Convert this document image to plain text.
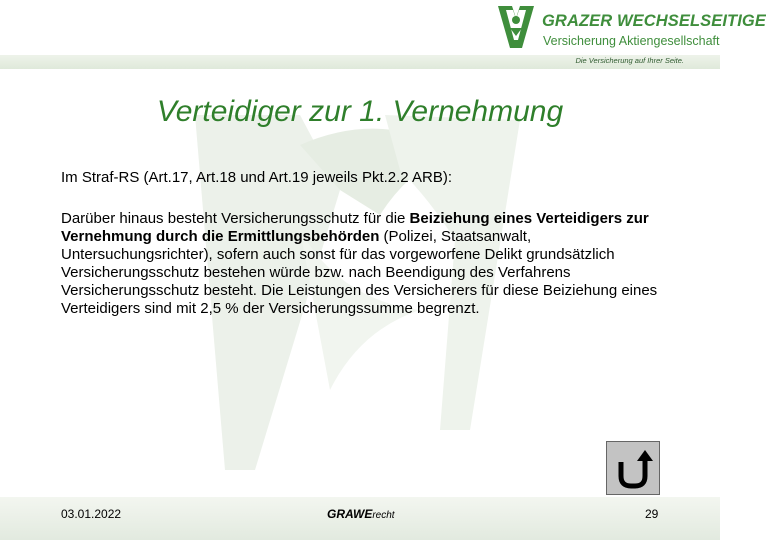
GRAZER WECHSELSEITIGE
Versicherung Aktiengesellschaft
Die Versicherung auf Ihrer Seite.
Verteidiger zur 1. Vernehmung
Im Straf-RS (Art.17, Art.18 und Art.19 jeweils Pkt.2.2 ARB):
Darüber hinaus besteht Versicherungsschutz für die Beiziehung eines Verteidigers zur Vernehmung durch die Ermittlungsbehörden (Polizei, Staatsanwalt, Untersuchungsrichter), sofern auch sonst für das vorgeworfene Delikt grundsätzlich Versicherungsschutz bestehen würde bzw. nach Beendigung des Verfahrens Versicherungsschutz besteht. Die Leistungen des Versicherers für diese Beiziehung eines Verteidigers sind mit 2,5 % der Versicherungssumme begrenzt.
03.01.2022	GRAWErecht	29
